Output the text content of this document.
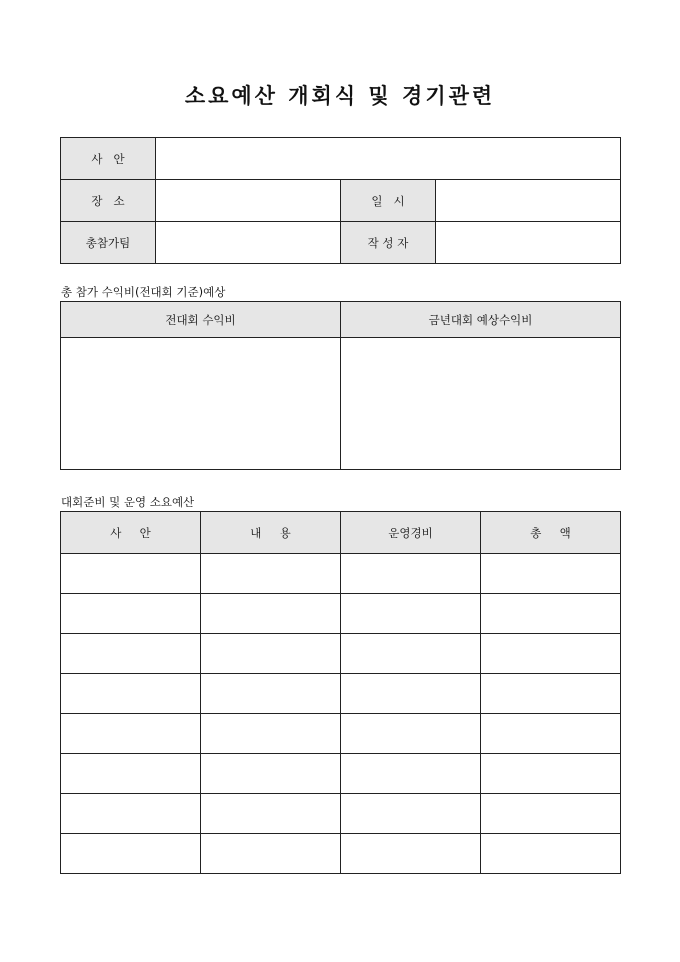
소요예산 개회식 및 경기관련
사   안			
장   소		일   시	
총참가팀		작 성 자	
총 참가 수익비(전대회 기준)예상
전대회 수익비	금년대회 예상수익비

대회준비 및 운영 소요예산
사     안	내     용	운영경비	총     액
